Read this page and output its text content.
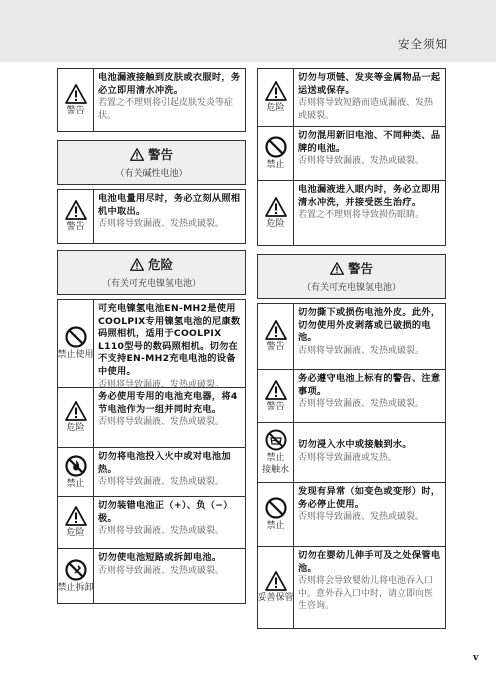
安全须知
警告
电池漏液接触到皮肤或衣服时，务必立即用清水冲洗。
若置之不理则将引起皮肤发炎等症状。
警告
（有关碱性电池）
警告
电池电量用尽时，务必立刻从照相机中取出。
否则将导致漏液、发热或破裂。
危险
（有关可充电镍氢电池）
禁止使用
可充电镍氢电池EN-MH2是使用COOLPIX专用镍氢电池的尼康数码照相机，适用于COOLPIX L110型号的数码照相机。切勿在不支持EN-MH2充电电池的设备中使用。
否则将导致漏液、发热或破裂。
危险
务必使用专用的电池充电器，将4节电池作为一组并同时充电。
否则将导致漏液、发热或破裂。
禁止
切勿将电池投入火中或对电池加热。
否则将导致漏液、发热或破裂。
危险
切勿装错电池正（+）、负（−）极。
否则将导致漏液、发热或破裂。
禁止拆卸
切勿使电池短路或拆卸电池。
否则将导致漏液、发热或破裂。
危险
切勿与项链、发夹等金属物品一起运送或保存。
否则将导致短路而造成漏液、发热或破裂。
禁止
切勿混用新旧电池、不同种类、品牌的电池。
否则将导致漏液、发热或破裂。
危险
电池漏液进入眼内时，务必立即用清水冲洗，并接受医生治疗。
若置之不理则将导致损伤眼睛。
警告
（有关可充电镍氢电池）
警告
切勿撕下或损伤电池外皮。此外，切勿使用外皮剥落或已破损的电池。
否则将导致漏液、发热或破裂。
警告
务必遵守电池上标有的警告、注意事项。
否则将导致漏液、发热或破裂。
禁止
接触水
切勿浸入水中或接触到水。
否则将导致漏液或发热。
禁止
发现有异常（如变色或变形）时，务必停止使用。
否则将导致漏液、发热或破裂。
妥善保管
切勿在婴幼儿伸手可及之处保管电池。
否则将会导致婴幼儿将电池吞入口中。意外吞入口中时，请立即向医生咨询。
v
